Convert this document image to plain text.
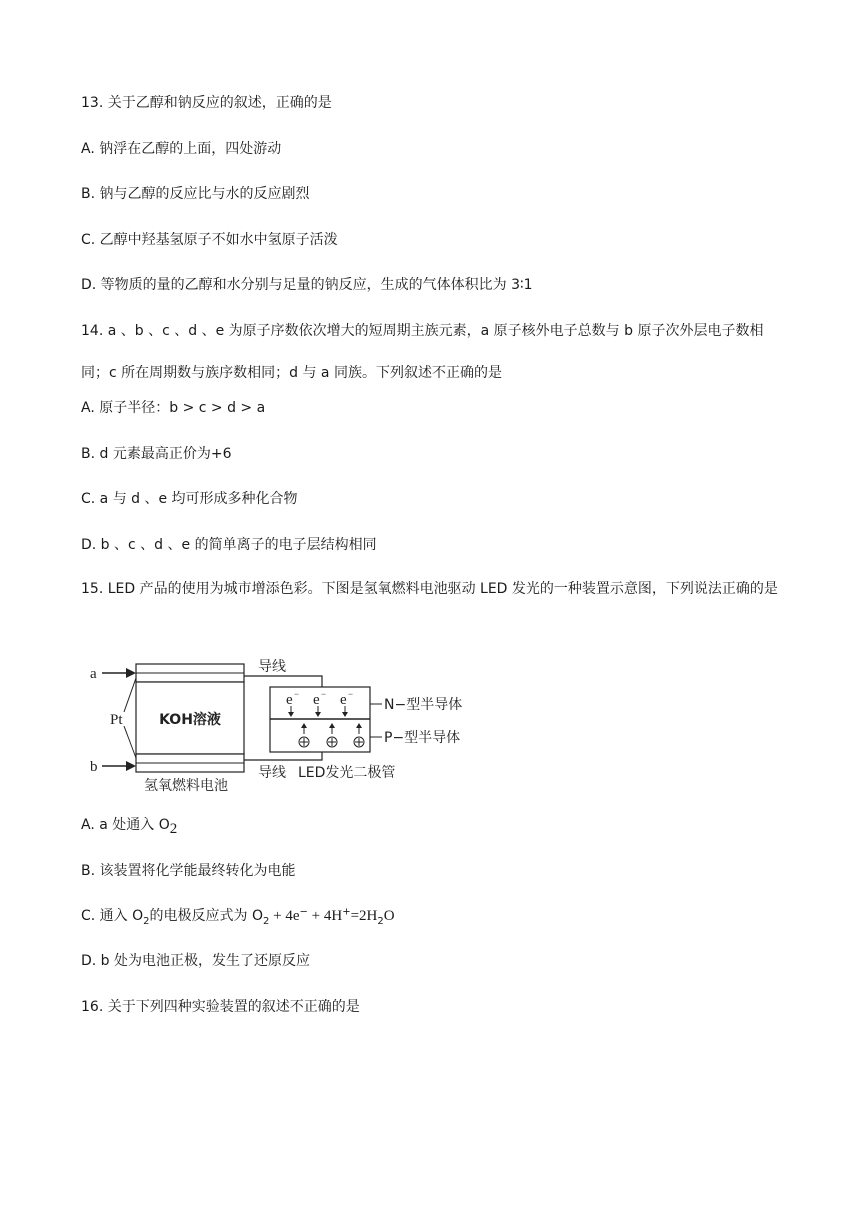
13. 关于乙醇和钠反应的叙述，正确的是
A. 钠浮在乙醇的上面，四处游动
B. 钠与乙醇的反应比与水的反应剧烈
C. 乙醇中羟基氢原子不如水中氢原子活泼
D. 等物质的量的乙醇和水分别与足量的钠反应，生成的气体体积比为 3∶1
14. a 、b 、c 、d 、e 为原子序数依次增大的短周期主族元素，a 原子核外电子总数与 b 原子次外层电子数相同；c 所在周期数与族序数相同；d 与 a 同族。下列叙述不正确的是
A. 原子半径：b > c > d > a
B. d 元素最高正价为+6
C. a 与 d 、e 均可形成多种化合物
D. b 、c 、d 、e 的简单离子的电子层结构相同
15. LED 产品的使用为城市增添色彩。下图是氢氧燃料电池驱动 LED 发光的一种装置示意图，下列说法正确的是
a
b
Pt	KOH溶液
氢氧燃料电池
导线
导线
e − e − e −
N−型半导体
P−型半导体
LED发光二极管
A. a 处通入 $O_2$
B. 该装置将化学能最终转化为电能
C. 通入 $O_2$的电极反应式为 $O_2 + 4e^- + 4H^+=2H_2O$
D. b 处为电池正极，发生了还原反应
16. 关于下列四种实验装置的叙述不正确的是
